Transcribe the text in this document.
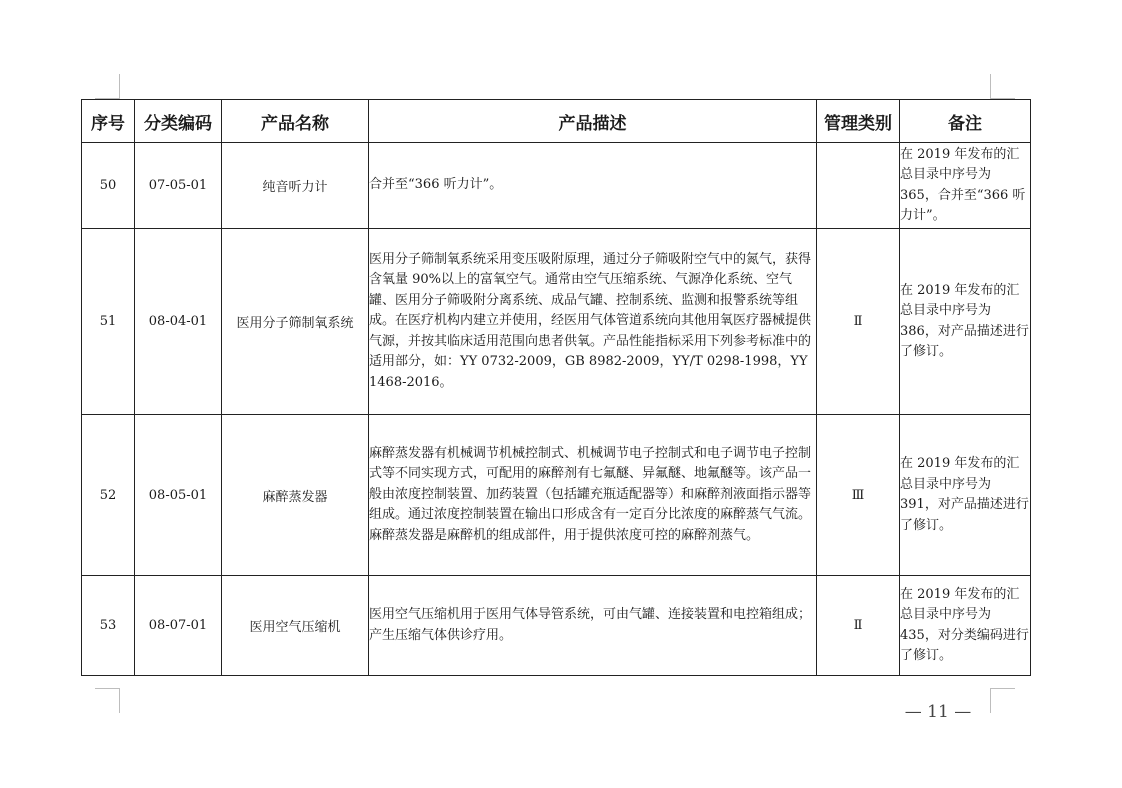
序号	分类编码	产品名称	产品描述	管理类别	备注
50	07-05-01	纯音听力计	合并至“366 听力计”。		在 2019 年发布的汇总目录中序号为 365，合并至“366 听力计”。
51	08-04-01	医用分子筛制氧系统	医用分子筛制氧系统采用变压吸附原理，通过分子筛吸附空气中的氮气，获得含氧量 90%以上的富氧空气。通常由空气压缩系统、气源净化系统、空气罐、医用分子筛吸附分离系统、成品气罐、控制系统、监测和报警系统等组成。在医疗机构内建立并使用，经医用气体管道系统向其他用氧医疗器械提供气源，并按其临床适用范围向患者供氧。产品性能指标采用下列参考标准中的适用部分，如：YY 0732-2009，GB 8982-2009，YY/T 0298-1998，YY 1468-2016。	Ⅱ	在 2019 年发布的汇总目录中序号为 386，对产品描述进行了修订。
52	08-05-01	麻醉蒸发器	麻醉蒸发器有机械调节机械控制式、机械调节电子控制式和电子调节电子控制式等不同实现方式，可配用的麻醉剂有七氟醚、异氟醚、地氟醚等。该产品一般由浓度控制装置、加药装置（包括罐充瓶适配器等）和麻醉剂液面指示器等组成。通过浓度控制装置在输出口形成含有一定百分比浓度的麻醉蒸气气流。
麻醉蒸发器是麻醉机的组成部件，用于提供浓度可控的麻醉剂蒸气。	Ⅲ	在 2019 年发布的汇总目录中序号为 391，对产品描述进行了修订。
53	08-07-01	医用空气压缩机	医用空气压缩机用于医用气体导管系统，可由气罐、连接装置和电控箱组成；产生压缩气体供诊疗用。	Ⅱ	在 2019 年发布的汇总目录中序号为 435，对分类编码进行了修订。
— 11 —
